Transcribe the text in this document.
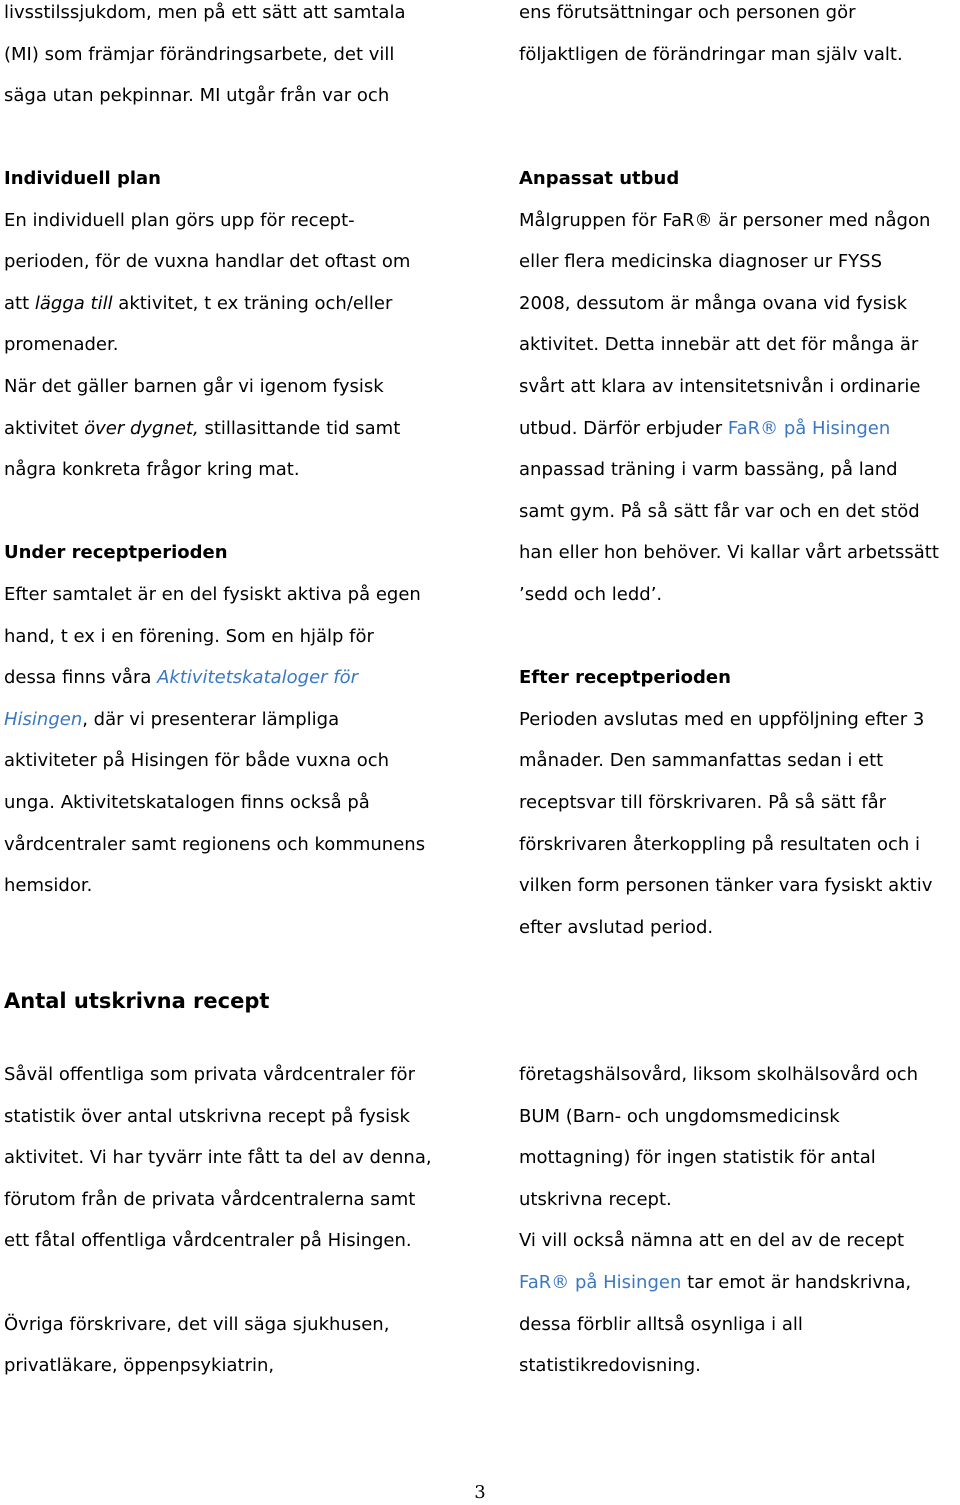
livsstilssjukdom, men på ett sätt att samtala
(MI) som främjar förändringsarbete, det vill
säga utan pekpinnar. MI utgår från var och
ens förutsättningar och personen gör
följaktligen de förändringar man själv valt.
Individuell plan
En individuell plan görs upp för recept-
perioden, för de vuxna handlar det oftast om
att lägga till aktivitet, t ex träning och/eller
promenader.
När det gäller barnen går vi igenom fysisk
aktivitet över dygnet, stillasittande tid samt
några konkreta frågor kring mat.
Under receptperioden
Efter samtalet är en del fysiskt aktiva på egen
hand, t ex i en förening. Som en hjälp för
dessa finns våra Aktivitetskataloger för
Hisingen, där vi presenterar lämpliga
aktiviteter på Hisingen för både vuxna och
unga. Aktivitetskatalogen finns också på
vårdcentraler samt regionens och kommunens
hemsidor.
Anpassat utbud
Målgruppen för FaR® är personer med någon
eller flera medicinska diagnoser ur FYSS
2008, dessutom är många ovana vid fysisk
aktivitet. Detta innebär att det för många är
svårt att klara av intensitetsnivån i ordinarie
utbud. Därför erbjuder FaR® på Hisingen
anpassad träning i varm bassäng, på land
samt gym. På så sätt får var och en det stöd
han eller hon behöver. Vi kallar vårt arbetssätt
’sedd och ledd’.
Efter receptperioden
Perioden avslutas med en uppföljning efter 3
månader. Den sammanfattas sedan i ett
receptsvar till förskrivaren. På så sätt får
förskrivaren återkoppling på resultaten och i
vilken form personen tänker vara fysiskt aktiv
efter avslutad period.
Antal utskrivna recept
Såväl offentliga som privata vårdcentraler för
statistik över antal utskrivna recept på fysisk
aktivitet. Vi har tyvärr inte fått ta del av denna,
förutom från de privata vårdcentralerna samt
ett fåtal offentliga vårdcentraler på Hisingen.
Övriga förskrivare, det vill säga sjukhusen,
privatläkare, öppenpsykiatrin,
företagshälsovård, liksom skolhälsovård och
BUM (Barn- och ungdomsmedicinsk
mottagning) för ingen statistik för antal
utskrivna recept.
Vi vill också nämna att en del av de recept
FaR® på Hisingen tar emot är handskrivna,
dessa förblir alltså osynliga i all
statistikredovisning.
3
